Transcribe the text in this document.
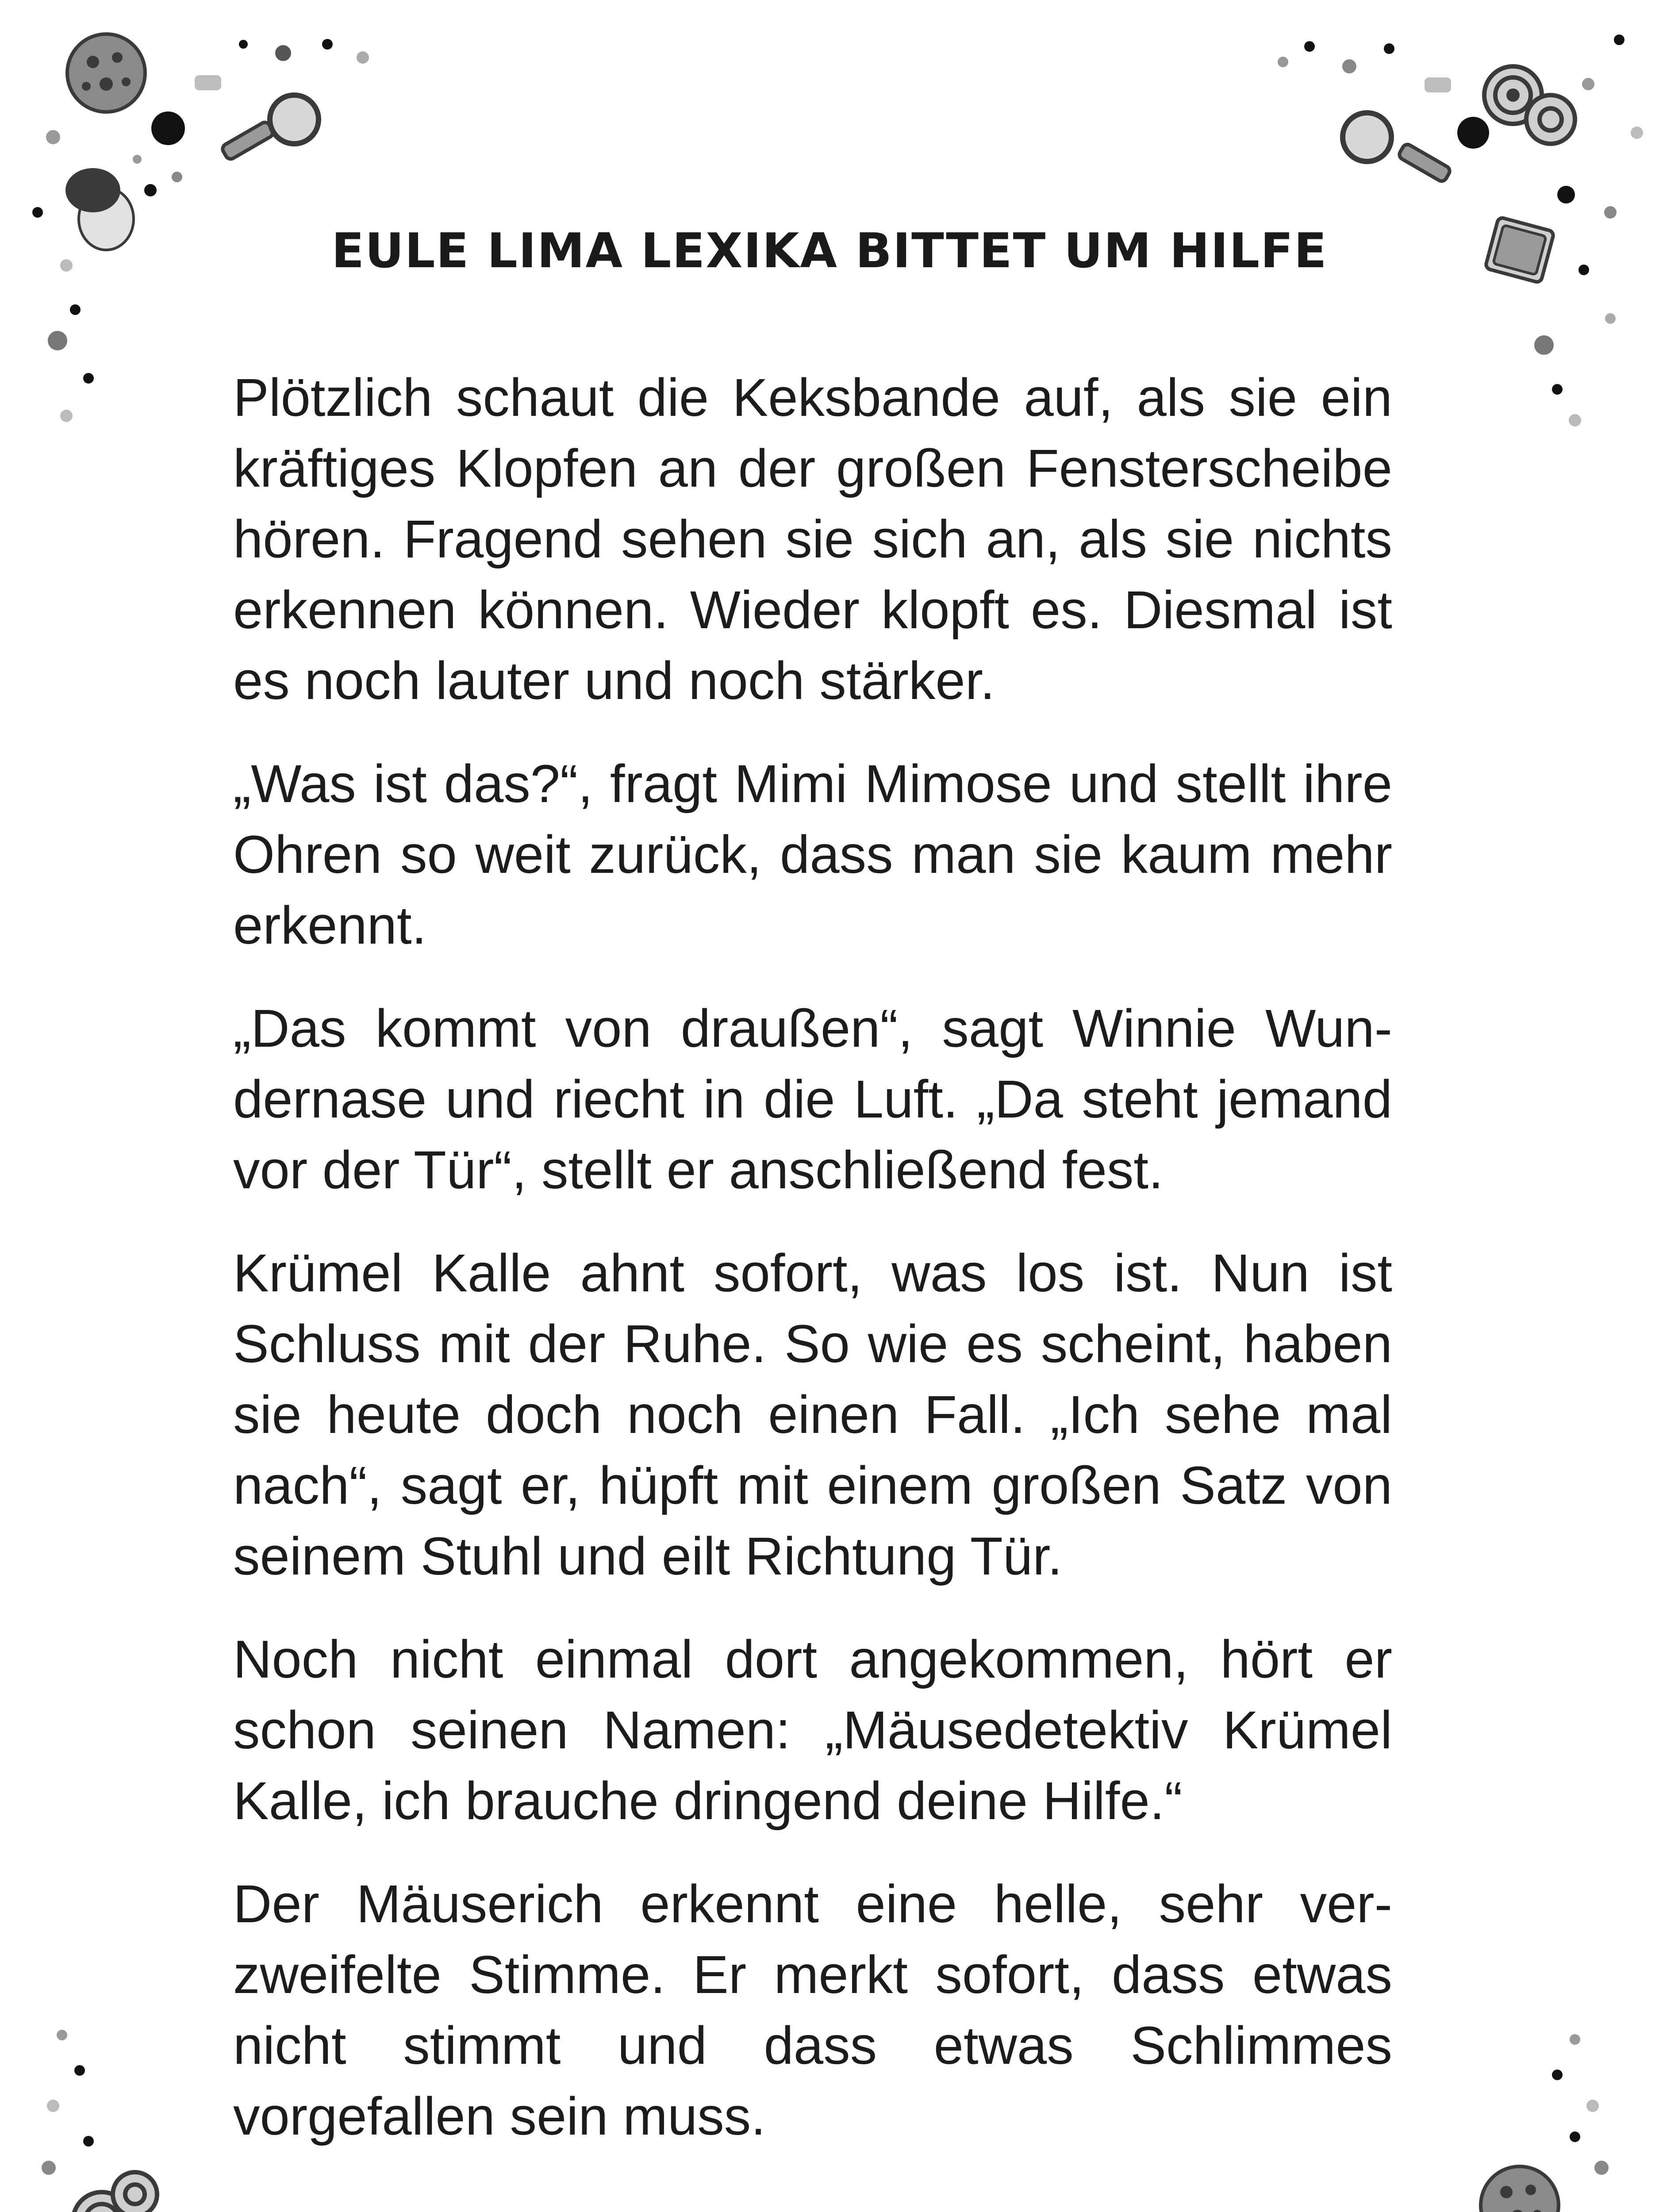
EULE LIMA LEXIKA BITTET UM HILFE

Plötzlich schaut die Keksbande auf, als sie ein kräftiges Klopfen an der großen Fensterscheibe hören. Fragend sehen sie sich an, als sie nichts erkennen können. Wieder klopft es. Diesmal ist es noch lauter und noch stärker.

„Was ist das?“, fragt Mimi Mimose und stellt ihre Ohren so weit zurück, dass man sie kaum mehr erkennt.

„Das kommt von draußen“, sagt Winnie Wundernase und riecht in die Luft. „Da steht jemand vor der Tür“, stellt er anschließend fest.

Krümel Kalle ahnt sofort, was los ist. Nun ist Schluss mit der Ruhe. So wie es scheint, haben sie heute doch noch einen Fall. „Ich sehe mal nach“, sagt er, hüpft mit einem großen Satz von seinem Stuhl und eilt Richtung Tür.

Noch nicht einmal dort angekommen, hört er schon seinen Namen: „Mäusedetektiv Krümel Kalle, ich brauche dringend deine Hilfe.“

Der Mäuserich erkennt eine helle, sehr verzweifelte Stimme. Er merkt sofort, dass etwas nicht stimmt und dass etwas Schlimmes vorgefallen sein muss.
